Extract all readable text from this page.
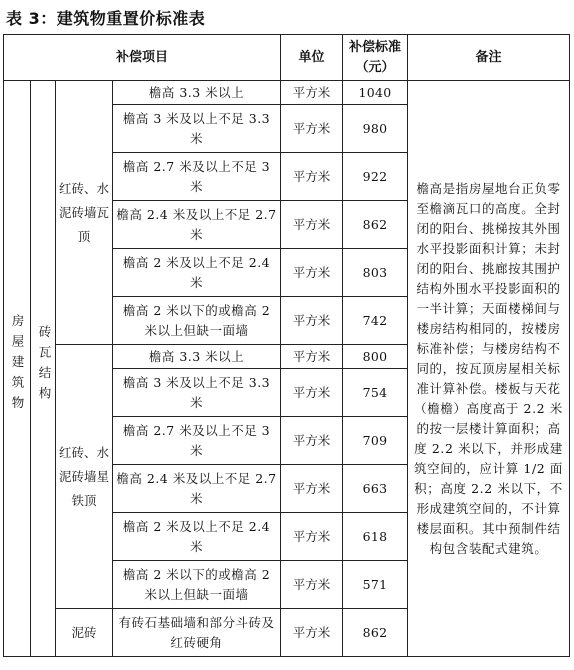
表 3：建筑物重置价标准表
补偿项目				单位	补偿标准（元）	备注
房屋建筑物	砖瓦结构	红砖、水泥砖墙瓦顶	檐高 3.3 米以上	平方米	1040	檐高是指房屋地台正负零至檐滴瓦口的高度。全封闭的阳台、挑梯按其外围水平投影面积计算；未封闭的阳台、挑廊按其围护结构外围水平投影面积的一半计算；天面楼梯间与楼房结构相同的，按楼房标准补偿；与楼房结构不同的，按瓦顶房屋相关标准计算补偿。楼板与天花（檐檐）高度高于 2.2 米的按一层楼计算面积；高度 2.2 米以下，并形成建筑空间的，应计算 1/2 面积；高度 2.2 米以下，不形成建筑空间的，不计算楼层面积。其中预制件结构包含装配式建筑。
			檐高 3 米及以上不足 3.3 米	平方米	980	
			檐高 2.7 米及以上不足 3 米	平方米	922	
			檐高 2.4 米及以上不足 2.7 米	平方米	862	
			檐高 2 米及以上不足 2.4 米	平方米	803	
			檐高 2 米以下的或檐高 2 米以上但缺一面墙	平方米	742	
		红砖、水泥砖墙星铁顶	檐高 3.3 米以上	平方米	800	
			檐高 3 米及以上不足 3.3 米	平方米	754	
			檐高 2.7 米及以上不足 3 米	平方米	709	
			檐高 2.4 米及以上不足 2.7 米	平方米	663	
			檐高 2 米及以上不足 2.4 米	平方米	618	
			檐高 2 米以下的或檐高 2 米以上但缺一面墙	平方米	571	
		泥砖	有砖石基础墙和部分斗砖及红砖硬角	平方米	862	
